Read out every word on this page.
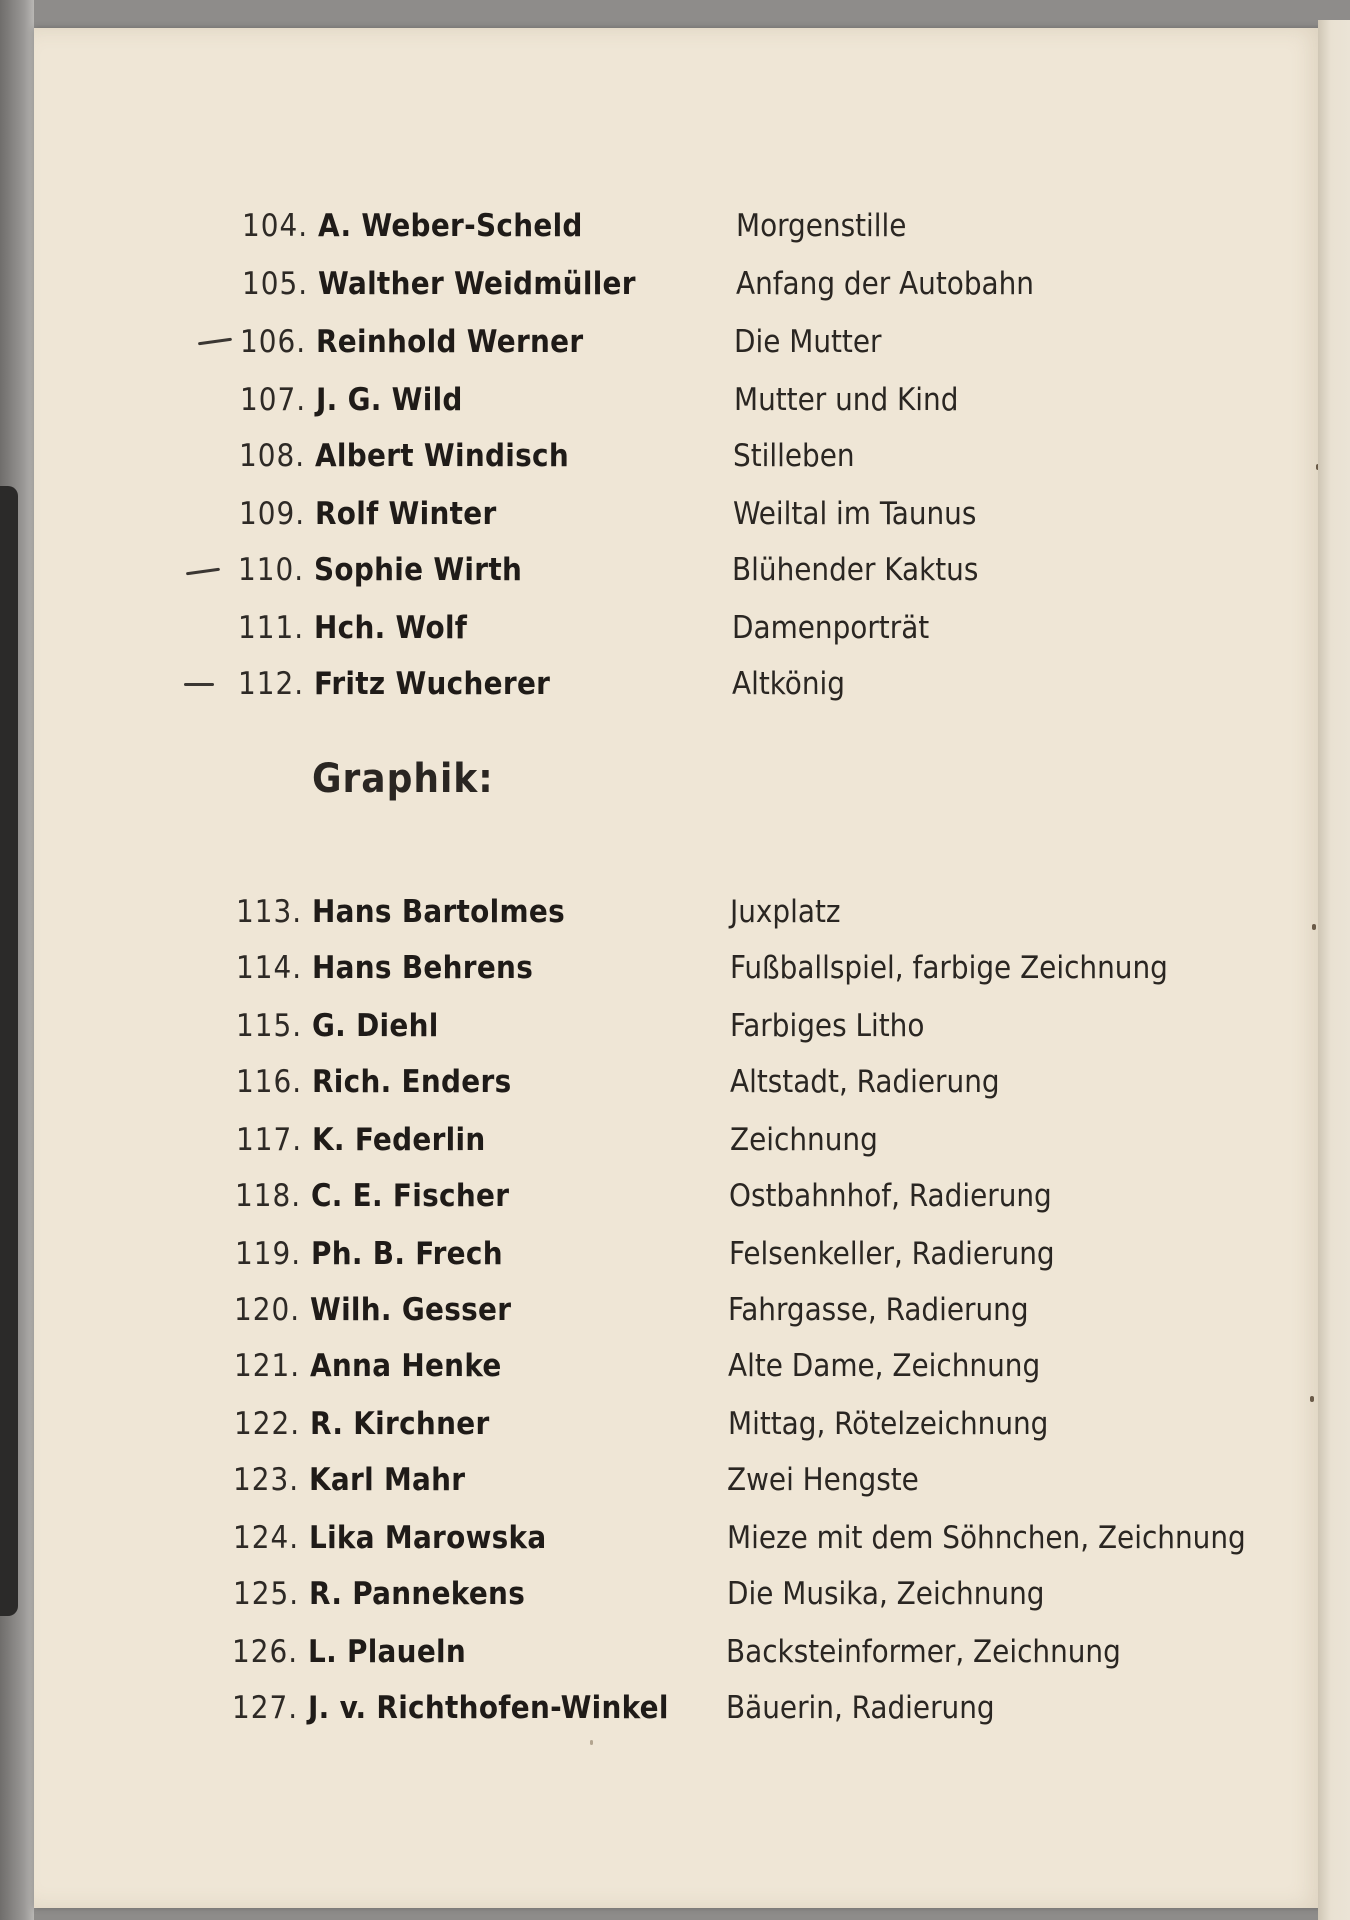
104. A. Weber-Scheld	Morgenstille
105. Walther Weidmüller	Anfang der Autobahn
106. Reinhold Werner	Die Mutter
107. J. G. Wild	Mutter und Kind
108. Albert Windisch	Stilleben
109. Rolf Winter	Weiltal im Taunus
110. Sophie Wirth	Blühender Kaktus
111. Hch. Wolf	Damenporträt
112. Fritz Wucherer	Altkönig
Graphik:
113. Hans Bartolmes	Juxplatz
114. Hans Behrens	Fußballspiel, farbige Zeichnung
115. G. Diehl	Farbiges Litho
116. Rich. Enders	Altstadt, Radierung
117. K. Federlin	Zeichnung
118. C. E. Fischer	Ostbahnhof, Radierung
119. Ph. B. Frech	Felsenkeller, Radierung
120. Wilh. Gesser	Fahrgasse, Radierung
121. Anna Henke	Alte Dame, Zeichnung
122. R. Kirchner	Mittag, Rötelzeichnung
123. Karl Mahr	Zwei Hengste
124. Lika Marowska	Mieze mit dem Söhnchen, Zeichnung
125. R. Pannekens	Die Musika, Zeichnung
126. L. Plaueln	Backsteinformer, Zeichnung
127. J. v. Richthofen-Winkel Bäuerin, Radierung
